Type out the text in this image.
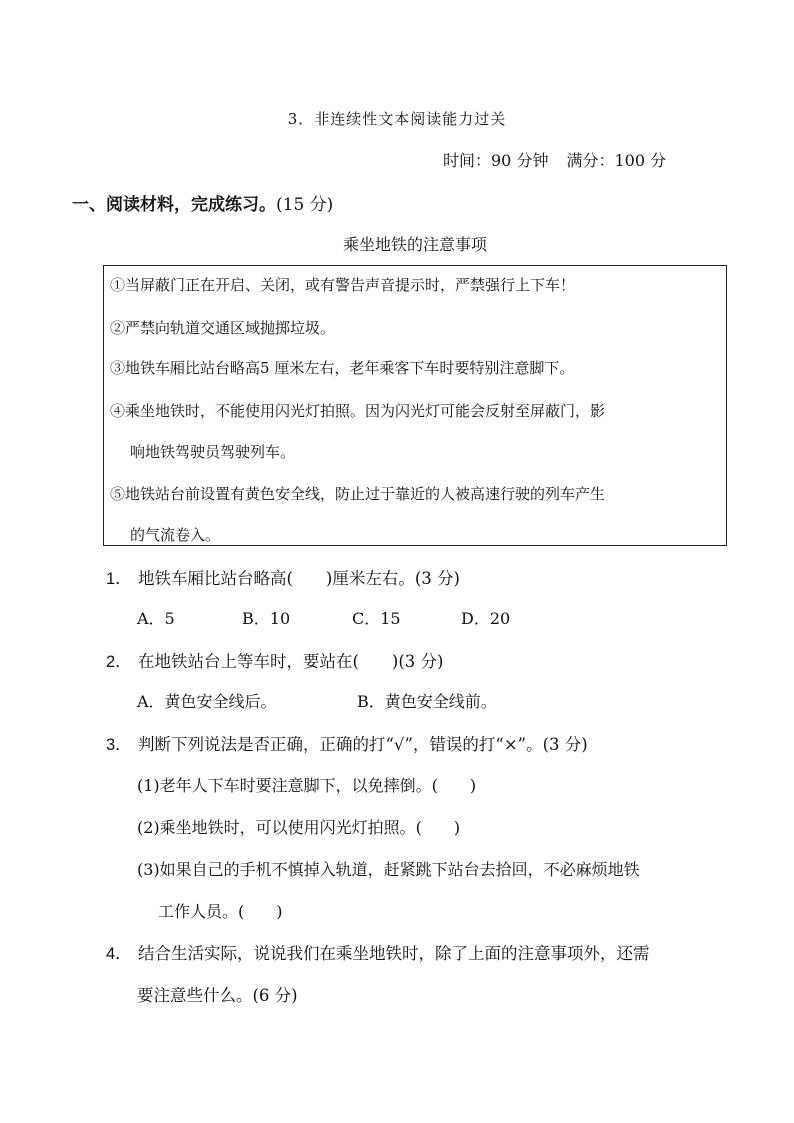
3．非连续性文本阅读能力过关
时间：90 分钟 满分：100 分
一、阅读材料，完成练习。(15 分)
乘坐地铁的注意事项
①当屏蔽门正在开启、关闭，或有警告声音提示时，严禁强行上下车！
②严禁向轨道交通区域抛掷垃圾。
③地铁车厢比站台略高5 厘米左右，老年乘客下车时要特别注意脚下。
④乘坐地铁时，不能使用闪光灯拍照。因为闪光灯可能会反射至屏蔽门，影
响地铁驾驶员驾驶列车。
⑤地铁站台前设置有黄色安全线，防止过于靠近的人被高速行驶的列车产生
的气流卷入。
1． 地铁车厢比站台略高(　　)厘米左右。(3 分)
A．5	B．10	C．15	D．20
2． 在地铁站台上等车时，要站在(　　)(3 分)
A．黄色安全线后。	B．黄色安全线前。
3． 判断下列说法是否正确，正确的打“√”，错误的打“×”。(3 分)
(1)老年人下车时要注意脚下，以免摔倒。(　　)
(2)乘坐地铁时，可以使用闪光灯拍照。(　　)
(3)如果自己的手机不慎掉入轨道，赶紧跳下站台去拾回，不必麻烦地铁
工作人员。(　　)
4． 结合生活实际，说说我们在乘坐地铁时，除了上面的注意事项外，还需
要注意些什么。(6 分)
